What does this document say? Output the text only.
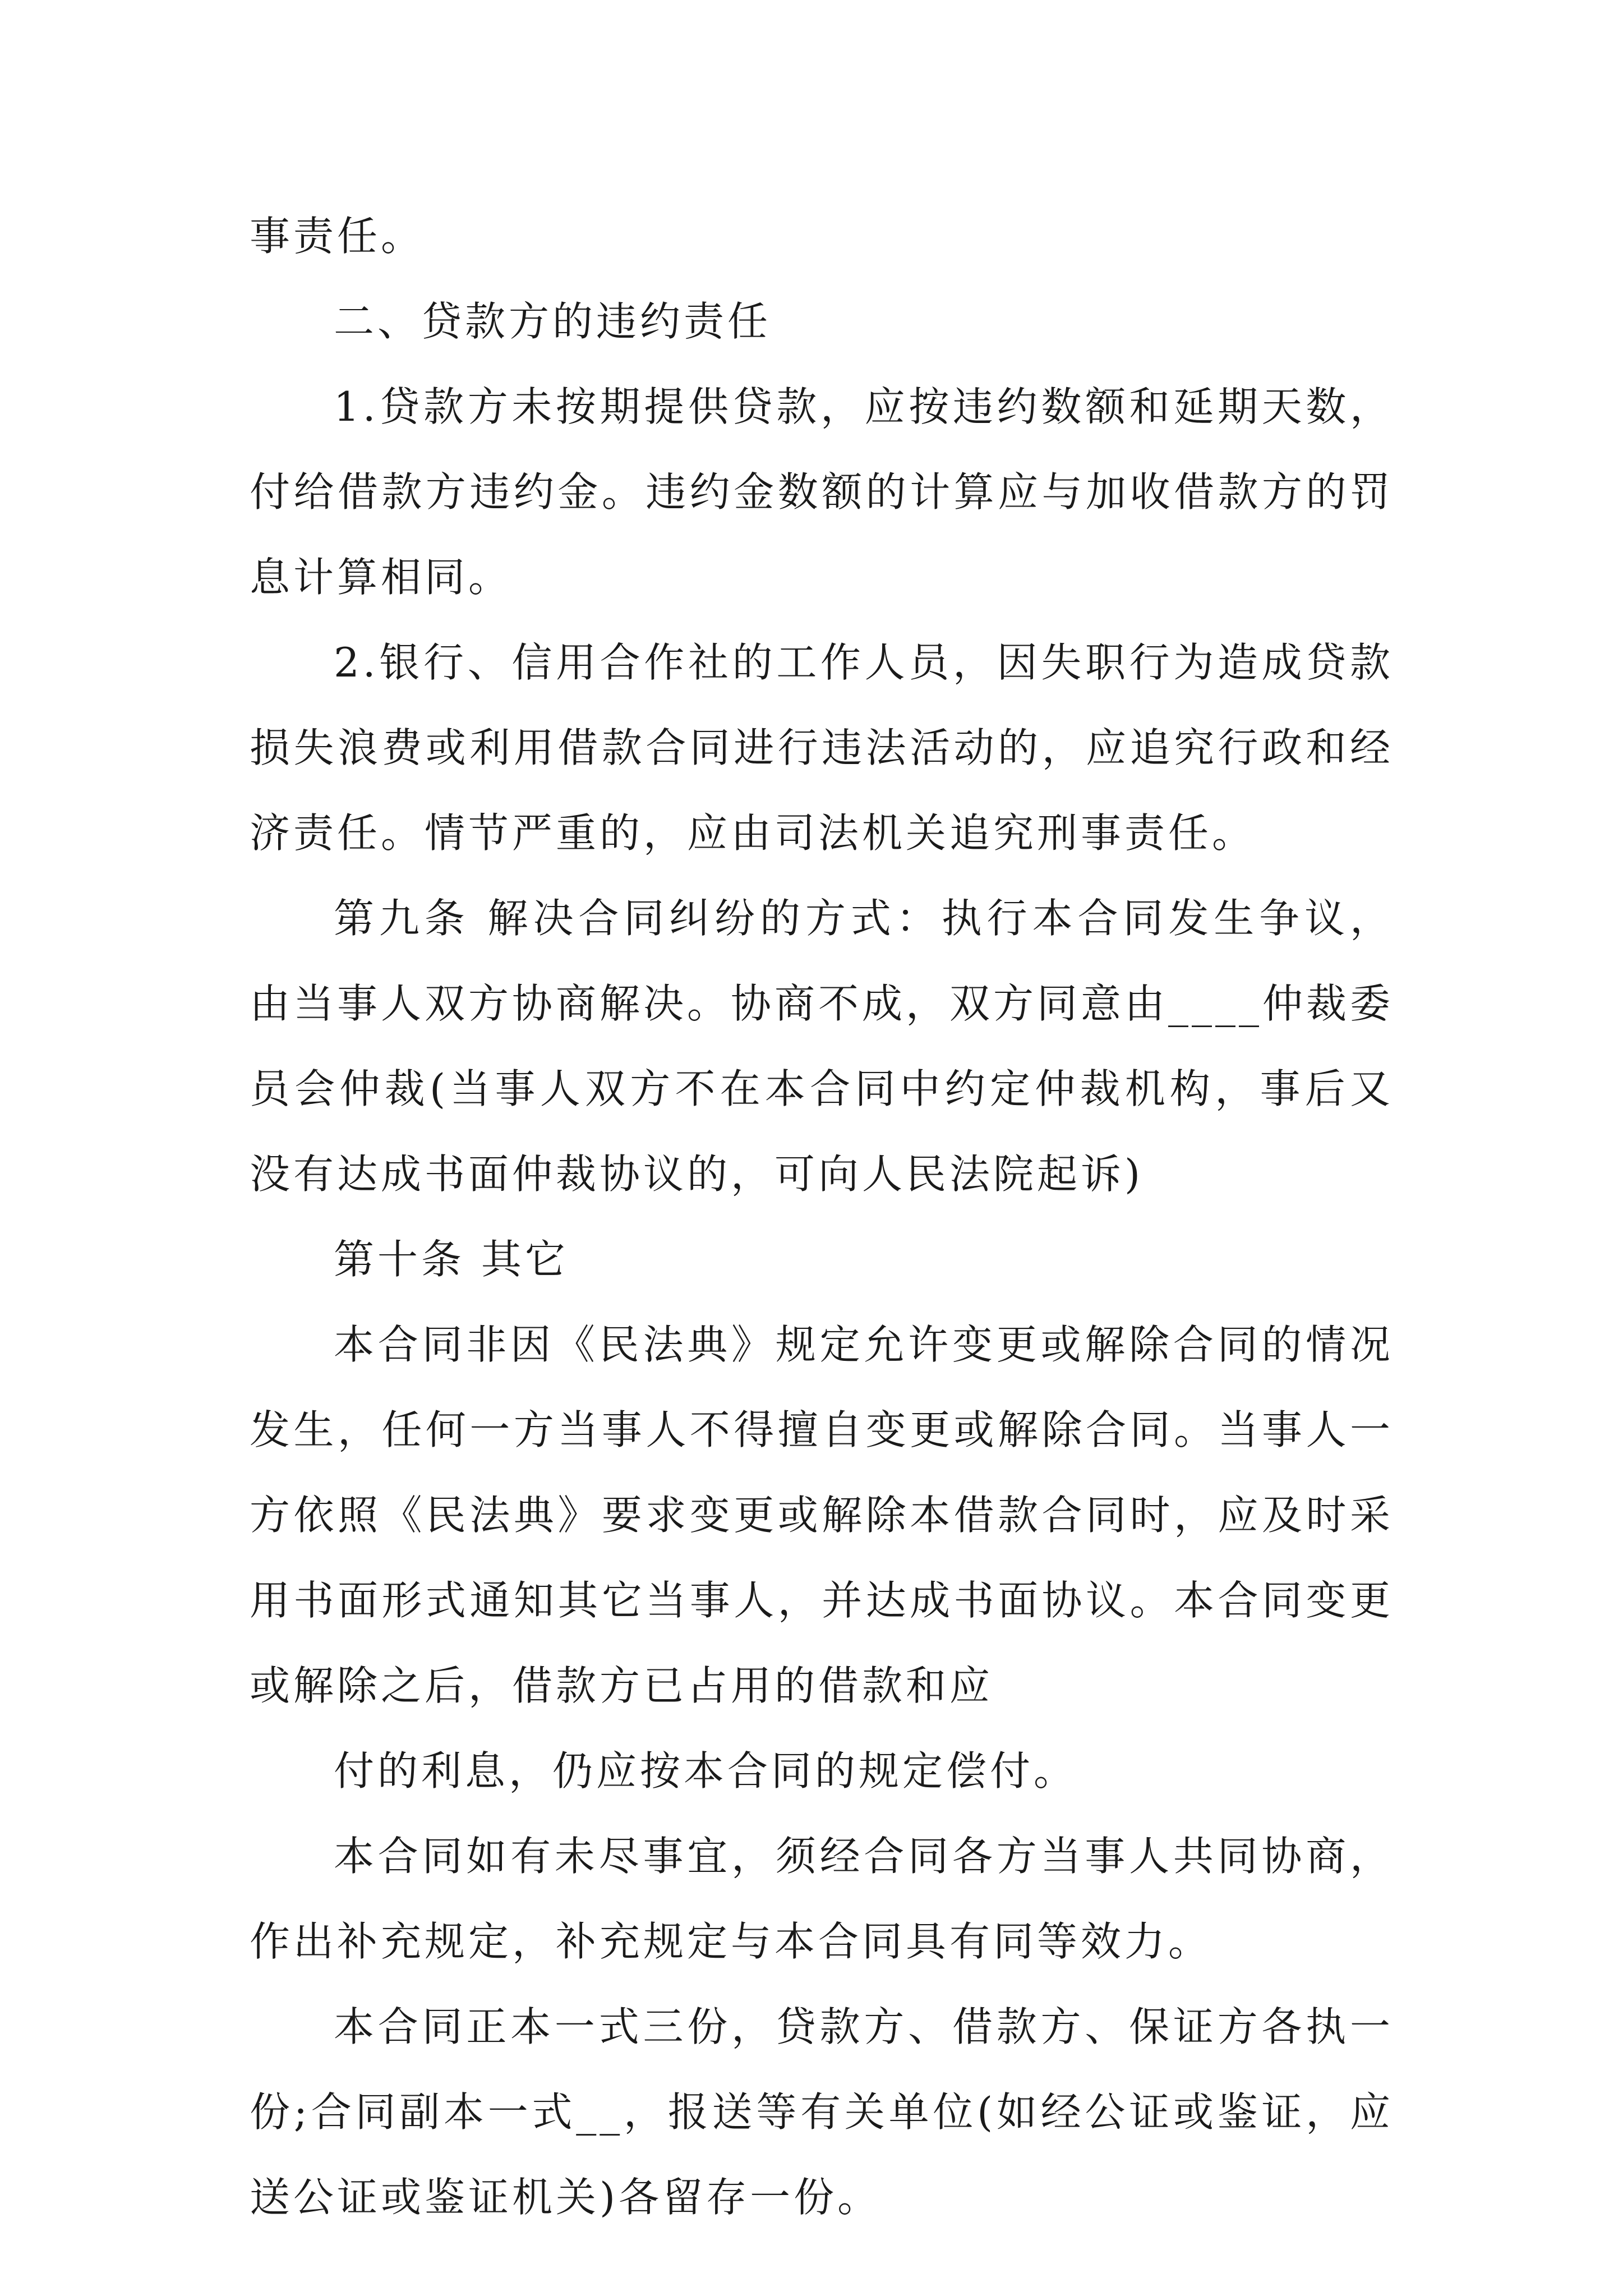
事责任。
二、贷款方的违约责任
1.贷款方未按期提供贷款，应按违约数额和延期天数，
付给借款方违约金。违约金数额的计算应与加收借款方的罚
息计算相同。
2.银行、信用合作社的工作人员，因失职行为造成贷款
损失浪费或利用借款合同进行违法活动的，应追究行政和经
济责任。情节严重的，应由司法机关追究刑事责任。
第九条 解决合同纠纷的方式：执行本合同发生争议，
由当事人双方协商解决。协商不成，双方同意由____仲裁委
员会仲裁(当事人双方不在本合同中约定仲裁机构，事后又
没有达成书面仲裁协议的，可向人民法院起诉)
第十条 其它
本合同非因《民法典》规定允许变更或解除合同的情况
发生，任何一方当事人不得擅自变更或解除合同。当事人一
方依照《民法典》要求变更或解除本借款合同时，应及时采
用书面形式通知其它当事人，并达成书面协议。本合同变更
或解除之后，借款方已占用的借款和应
付的利息，仍应按本合同的规定偿付。
本合同如有未尽事宜，须经合同各方当事人共同协商，
作出补充规定，补充规定与本合同具有同等效力。
本合同正本一式三份，贷款方、借款方、保证方各执一
份;合同副本一式__，报送等有关单位(如经公证或鉴证，应
送公证或鉴证机关)各留存一份。
